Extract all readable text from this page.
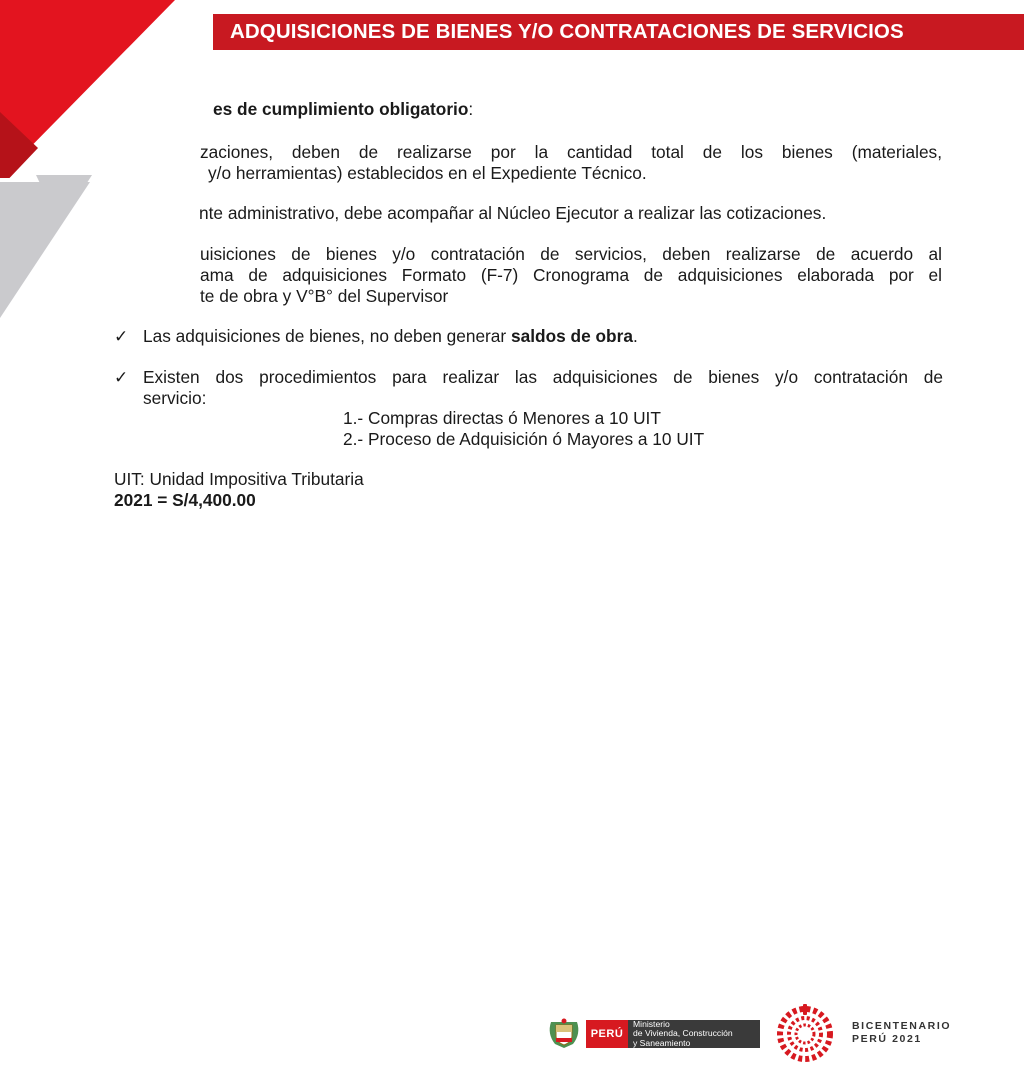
ADQUISICIONES DE BIENES Y/O CONTRATACIONES DE SERVICIOS
es de cumplimiento obligatorio:
zaciones, deben de realizarse por la cantidad total de los bienes (materiales,
y/o herramientas) establecidos en el Expediente Técnico.
nte administrativo, debe acompañar al Núcleo Ejecutor a realizar las cotizaciones.
uisiciones de bienes y/o contratación de servicios, deben realizarse de acuerdo al
ama de adquisiciones Formato (F-7) Cronograma de adquisiciones elaborada por el
te de obra y V°B° del Supervisor
✓ Las adquisiciones de bienes, no deben generar saldos de obra.
✓ Existen dos procedimientos para realizar las adquisiciones de bienes y/o contratación de
servicio:
1.- Compras directas ó Menores a 10 UIT
2.- Proceso de Adquisición ó Mayores a 10 UIT
UIT: Unidad Impositiva Tributaria
2021 = S/4,400.00
PERÚ
Ministerio
de Vivienda, Construcción
y Saneamiento
BICENTENARIO
PERÚ 2021
